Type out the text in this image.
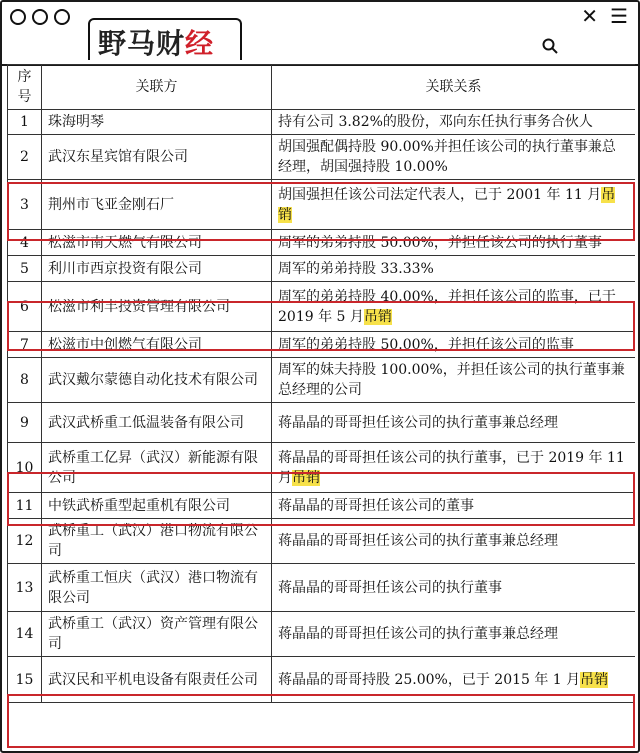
✕ ☰
野马财经
序号	关联方	关联关系
1	珠海明琴	持有公司 3.82%的股份，邓向东任执行事务合伙人
2	武汉东星宾馆有限公司	胡国强配偶持股 90.00%并担任该公司的执行董事兼总经理，胡国强持股 10.00%
3	荆州市飞亚金刚石厂	胡国强担任该公司法定代表人，已于 2001 年 11 月吊销
4	松滋市南天燃气有限公司	周军的弟弟持股 50.00%，并担任该公司的执行董事
5	利川市西京投资有限公司	周军的弟弟持股 33.33%
6	松滋市利丰投资管理有限公司	周军的弟弟持股 40.00%，并担任该公司的监事，已于 2019 年 5 月吊销
7	松滋市中创燃气有限公司	周军的弟弟持股 50.00%，并担任该公司的监事
8	武汉戴尔蒙德自动化技术有限公司	周军的妹夫持股 100.00%，并担任该公司的执行董事兼总经理的公司
9	武汉武桥重工低温装备有限公司	蒋晶晶的哥哥担任该公司的执行董事兼总经理
10	武桥重工亿昇（武汉）新能源有限公司	蒋晶晶的哥哥担任该公司的执行董事，已于 2019 年 11 月吊销
11	中铁武桥重型起重机有限公司	蒋晶晶的哥哥担任该公司的董事
12	武桥重工（武汉）港口物流有限公司	蒋晶晶的哥哥担任该公司的执行董事兼总经理
13	武桥重工恒庆（武汉）港口物流有限公司	蒋晶晶的哥哥担任该公司的执行董事
14	武桥重工（武汉）资产管理有限公司	蒋晶晶的哥哥担任该公司的执行董事兼总经理
15	武汉民和平机电设备有限责任公司	蒋晶晶的哥哥持股 25.00%，已于 2015 年 1 月吊销
